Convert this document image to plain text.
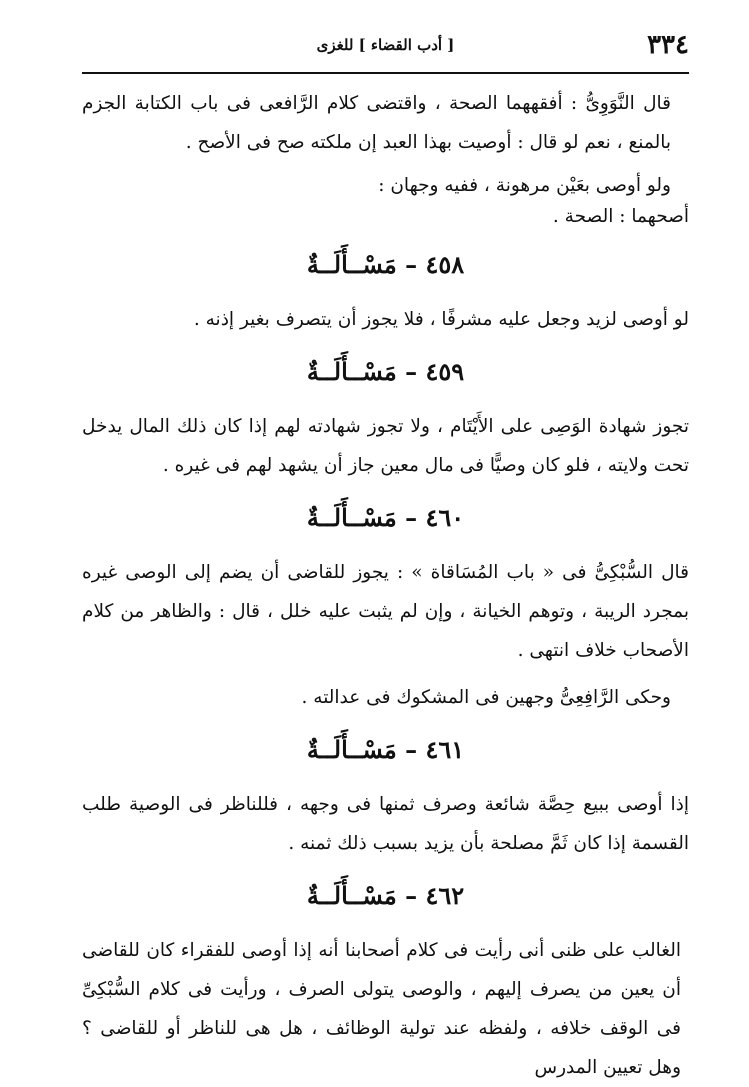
٣٣٤
[ أدب القضاء ] للغزى

قال النَّوَوِىُّ : أفقههما الصحة ، واقتضى كلام الرَّافعى فى باب الكتابة الجزم بالمنع ، نعم لو قال : أوصيت بهذا العبد إن ملكته صح فى الأصح .

ولو أوصى بعَيْن مرهونة ، ففيه وجهان :

أصحهما : الصحة .

٤٥٨ – مَسْــأَلَــةٌ

لو أوصى لزيد وجعل عليه مشرفًا ، فلا يجوز أن يتصرف بغير إذنه .

٤٥٩ – مَسْــأَلَــةٌ

تجوز شهادة الوَصِى على الأَيْتَام ، ولا تجوز شهادته لهم إذا كان ذلك المال يدخل تحت ولايته ، فلو كان وصيًّا فى مال معين جاز أن يشهد لهم فى غيره .

٤٦٠ – مَسْــأَلَــةٌ

قال السُّبْكِىُّ فى « باب المُسَاقاة » : يجوز للقاضى أن يضم إلى الوصى غيره بمجرد الريبة ، وتوهم الخيانة ، وإن لم يثبت عليه خلل ، قال : والظاهر من كلام الأصحاب خلاف انتهى .

وحكى الرَّافِعِىُّ وجهين فى المشكوك فى عدالته .

٤٦١ – مَسْــأَلَــةٌ

إذا أوصى ببيع حِصَّة شائعة وصرف ثمنها فى وجهه ، فللناظر فى الوصية طلب القسمة إذا كان ثَمَّ مصلحة بأن يزيد بسبب ذلك ثمنه .

٤٦٢ – مَسْــأَلَــةٌ

الغالب على ظنى أنى رأيت فى كلام أصحابنا أنه إذا أوصى للفقراء كان للقاضى أن يعين من يصرف إليهم ، والوصى يتولى الصرف ، ورأيت فى كلام السُّبْكِىِّ فى الوقف خلافه ، ولفظه عند تولية الوظائف ، هل هى للناظر أو للقاضى ؟ وهل تعيين المدرس
